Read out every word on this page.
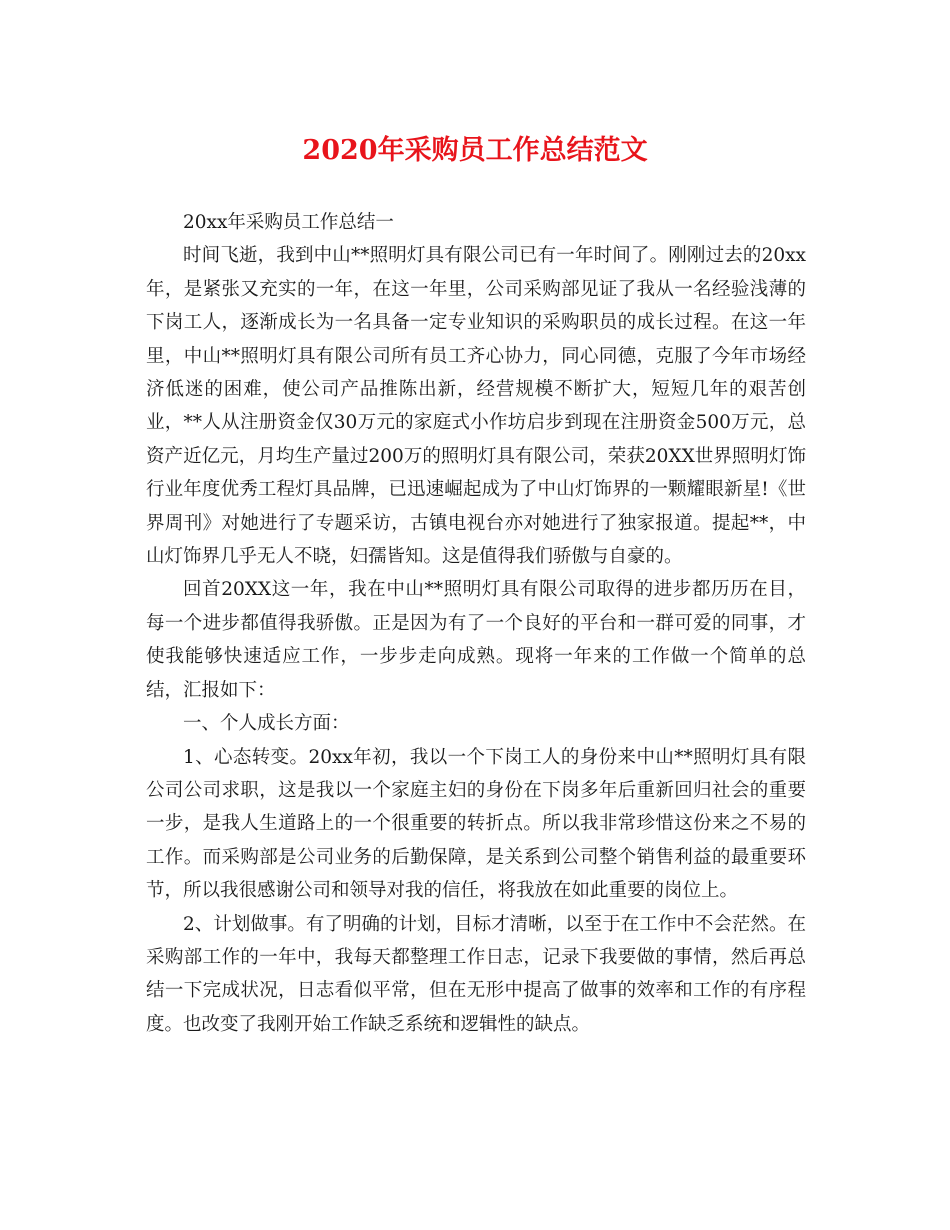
2020年采购员工作总结范文

20xx年采购员工作总结一

时间飞逝，我到中山**照明灯具有限公司已有一年时间了。刚刚过去的20xx年，是紧张又充实的一年，在这一年里，公司采购部见证了我从一名经验浅薄的下岗工人，逐渐成长为一名具备一定专业知识的采购职员的成长过程。在这一年里，中山**照明灯具有限公司所有员工齐心协力，同心同德，克服了今年市场经济低迷的困难，使公司产品推陈出新，经营规模不断扩大，短短几年的艰苦创业，**人从注册资金仅30万元的家庭式小作坊启步到现在注册资金500万元，总资产近亿元，月均生产量过200万的照明灯具有限公司，荣获20XX世界照明灯饰行业年度优秀工程灯具品牌，已迅速崛起成为了中山灯饰界的一颗耀眼新星!《世界周刊》对她进行了专题采访，古镇电视台亦对她进行了独家报道。提起**，中山灯饰界几乎无人不晓，妇孺皆知。这是值得我们骄傲与自豪的。

回首20XX这一年，我在中山**照明灯具有限公司取得的进步都历历在目，每一个进步都值得我骄傲。正是因为有了一个良好的平台和一群可爱的同事，才使我能够快速适应工作，一步步走向成熟。现将一年来的工作做一个简单的总结，汇报如下：

一、个人成长方面：

1、心态转变。20xx年初，我以一个下岗工人的身份来中山**照明灯具有限公司公司求职，这是我以一个家庭主妇的身份在下岗多年后重新回归社会的重要一步，是我人生道路上的一个很重要的转折点。所以我非常珍惜这份来之不易的工作。而采购部是公司业务的后勤保障，是关系到公司整个销售利益的最重要环节，所以我很感谢公司和领导对我的信任，将我放在如此重要的岗位上。

2、计划做事。有了明确的计划，目标才清晰，以至于在工作中不会茫然。在采购部工作的一年中，我每天都整理工作日志，记录下我要做的事情，然后再总结一下完成状况，日志看似平常，但在无形中提高了做事的效率和工作的有序程度。也改变了我刚开始工作缺乏系统和逻辑性的缺点。
